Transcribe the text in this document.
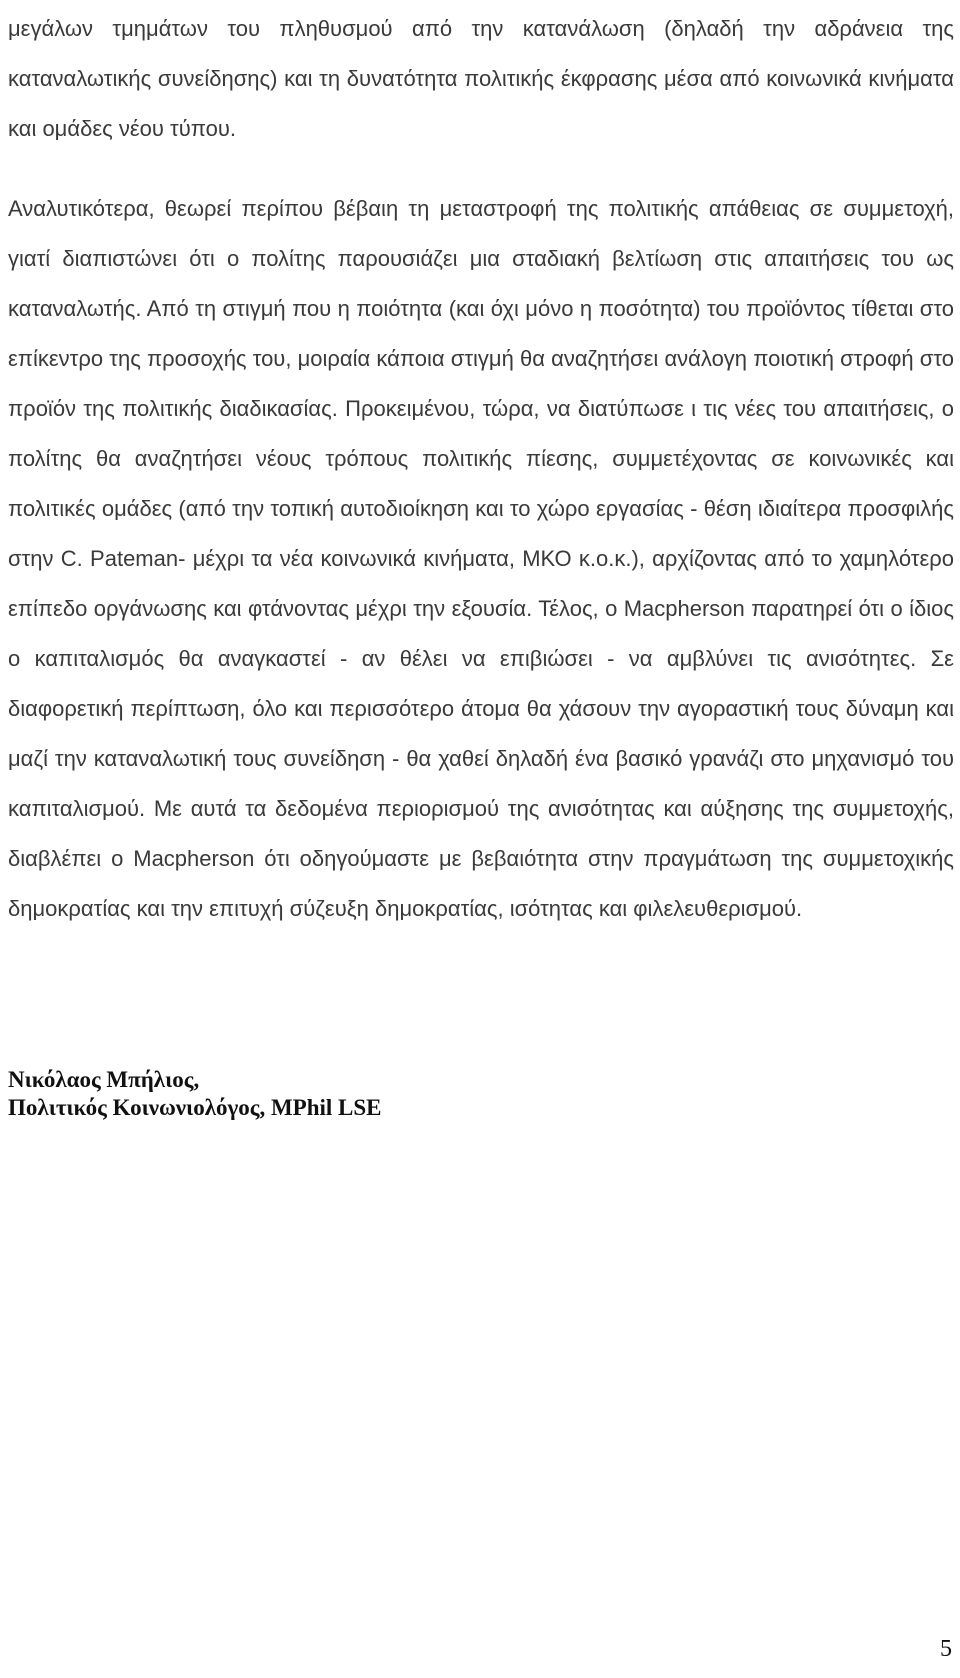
μεγάλων τμημάτων του πληθυσμού από την κατανάλωση (δηλαδή την αδράνεια της καταναλωτικής συνείδησης) και τη δυνατότητα πολιτικής έκφρασης μέσα από κοινωνικά κινήματα και ομάδες νέου τύπου.

Αναλυτικότερα, θεωρεί περίπου βέβαιη τη μεταστροφή της πολιτικής απάθειας σε συμμετοχή, γιατί διαπιστώνει ότι ο πολίτης παρουσιάζει μια σταδιακή βελτίωση στις απαιτήσεις του ως καταναλωτής. Από τη στιγμή που η ποιότητα (και όχι μόνο η ποσότητα) του προϊόντος τίθεται στο επίκεντρο της προσοχής του, μοιραία κάποια στιγμή θα αναζητήσει ανάλογη ποιοτική στροφή στο προϊόν της πολιτικής διαδικασίας. Προκειμένου, τώρα, να διατύπωσε ι τις νέες του απαιτήσεις, ο πολίτης θα αναζητήσει νέους τρόπους πολιτικής πίεσης, συμμετέχοντας σε κοινωνικές και πολιτικές ομάδες (από την τοπική αυτοδιοίκηση και το χώρο εργασίας - θέση ιδιαίτερα προσφιλής στην C. Pateman- μέχρι τα νέα κοινωνικά κινήματα, ΜΚΟ κ.ο.κ.), αρχίζοντας από το χαμηλότερο επίπεδο οργάνωσης και φτάνοντας μέχρι την εξουσία. Τέλος, ο Macpherson παρατηρεί ότι ο ίδιος ο καπιταλισμός θα αναγκαστεί - αν θέλει να επιβιώσει - να αμβλύνει τις ανισότητες. Σε διαφορετική περίπτωση, όλο και περισσότερο άτομα θα χάσουν την αγοραστική τους δύναμη και μαζί την καταναλωτική τους συνείδηση - θα χαθεί δηλαδή ένα βασικό γρανάζι στο μηχανισμό του καπιταλισμού. Με αυτά τα δεδομένα περιορισμού της ανισότητας και αύξησης της συμμετοχής, διαβλέπει ο Macpherson ότι οδηγούμαστε με βεβαιότητα στην πραγμάτωση της συμμετοχικής δημοκρατίας και την επιτυχή σύζευξη δημοκρατίας, ισότητας και φιλελευθερισμού.

Νικόλαος Μπήλιος,
Πολιτικός Κοινωνιολόγος, MPhil LSE
5
